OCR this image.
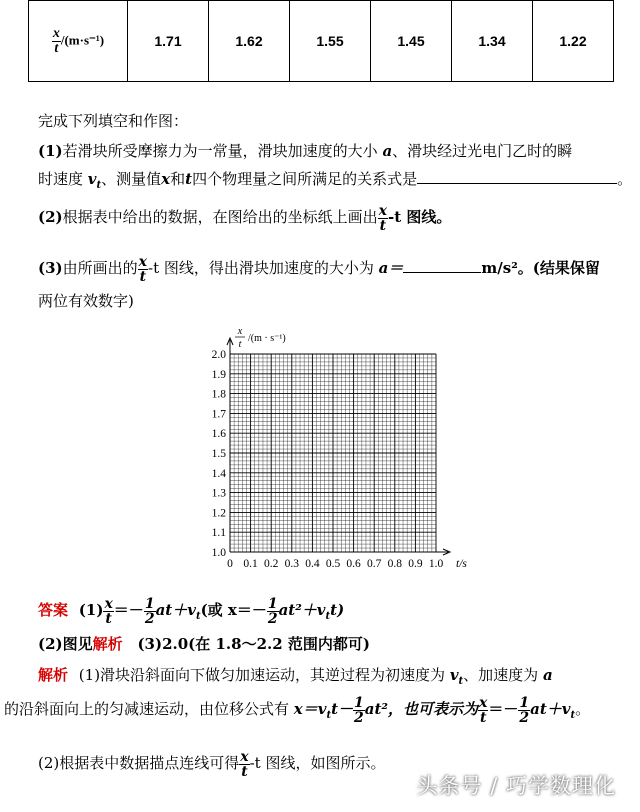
$\frac{x}{t} /(m\cdot s^{-1})$	1.71	1.62	1.55	1.45	1.34	1.22
完成下列填空和作图：
(1)若滑块所受摩擦力为一常量，滑块加速度的大小 a、滑块经过光电门乙时的瞬
时速度 $v_t$、测量值x和t四个物理量之间所满足的关系式是	。
(2)根据表中给出的数据，在图给出的坐标纸上画出 $\frac{x}{t} -t$ 图线。
(3)由所画出的 $\frac{x}{t} -t$ 图线，得出滑块加速度的大小为 a＝	m/s²。(结果保留
两位有效数字)
2.0
1.9
1.8
1.7
1.6
1.5
1.4
1.3
1.2
1.1
1.0
0 0.1 0.2 0.3 0.4 0.5 0.6 0.7 0.8 0.9 1.0 t/s
x
t
/(m · s⁻¹)
答案 $(1) \frac{x}{t} =- \frac{1}{2} at+v_t$(或 $x=- \frac{1}{2} at^2+v_tt$)
(2)图见解析 (3)2.0(在 1.8～2.2 范围内都可)
解析 (1)滑块沿斜面向下做匀加速运动，其逆过程为初速度为 $v_t$、加速度为 a
的沿斜面向上的匀减速运动，由位移公式有 $x=v_tt- \frac{1}{2} at^2$，也可表示为 $\frac{x}{t} =- \frac{1}{2} at+v_t$。
(2)根据表中数据描点连线可得 $\frac{x}{t} -t$ 图线，如图所示。
头条号 / 巧学数理化
